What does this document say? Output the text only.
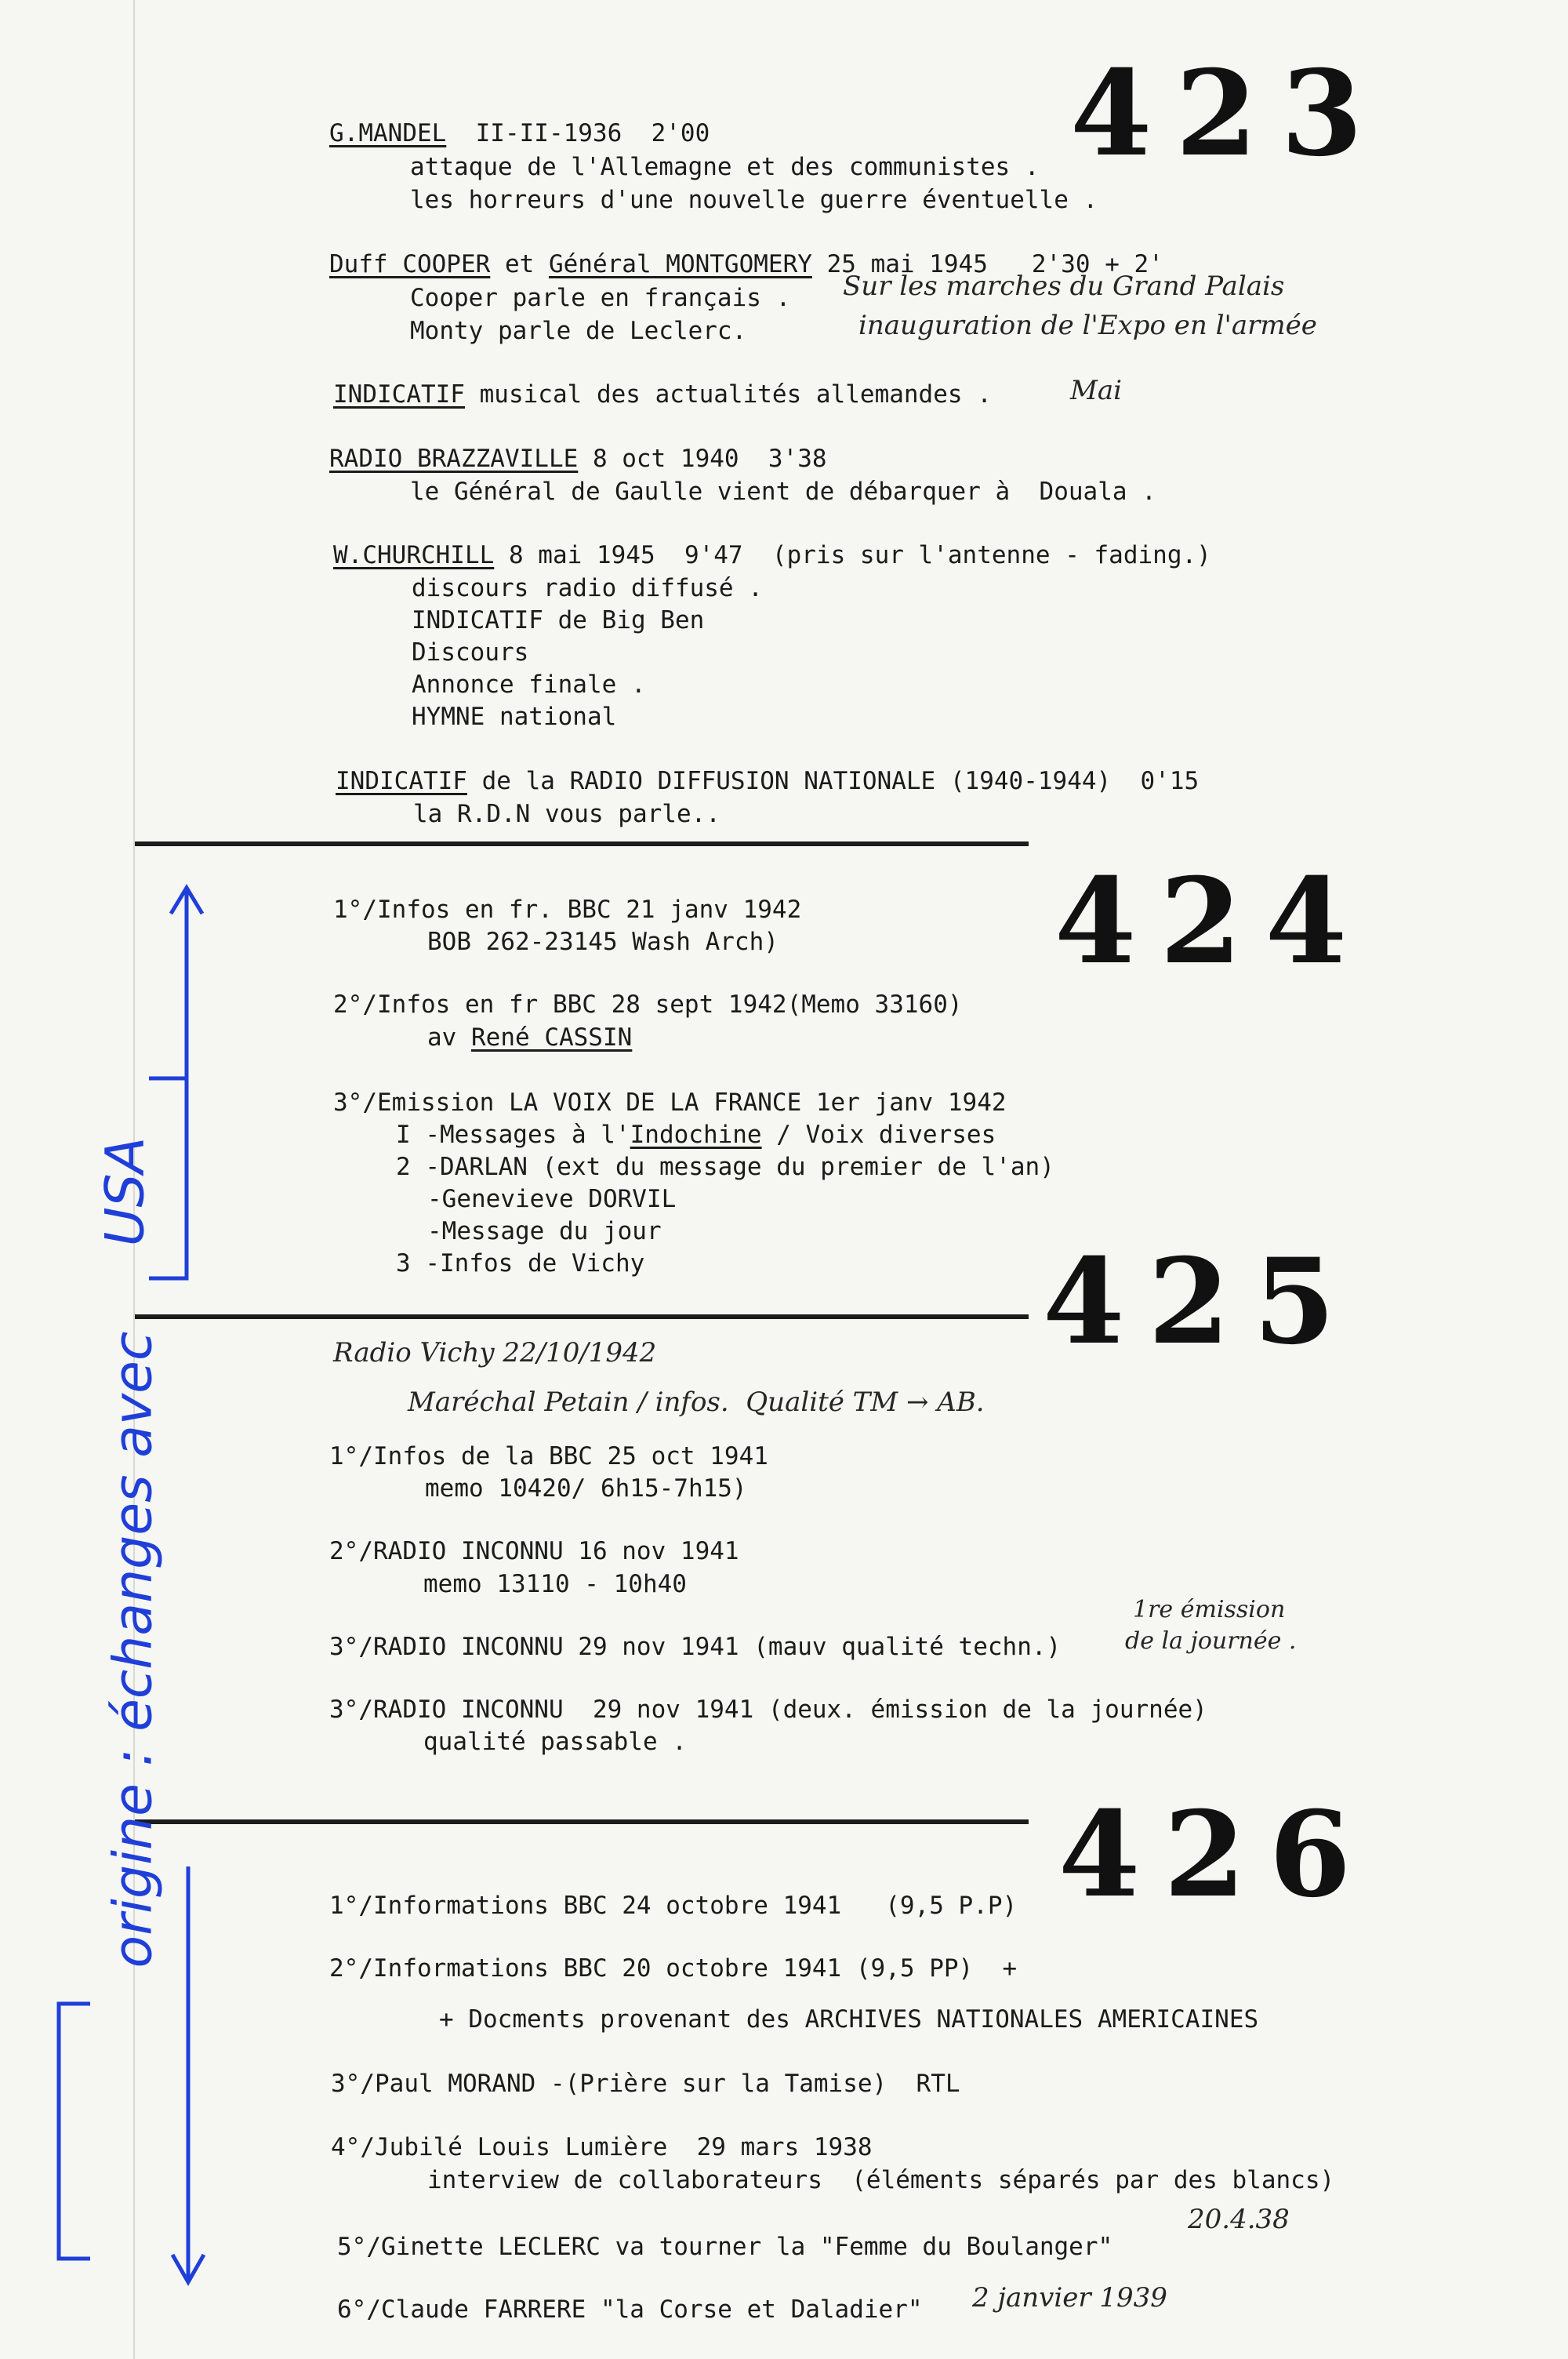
423
G.MANDEL  II-II-1936  2'00
attaque de l'Allemagne et des communistes .
les horreurs d'une nouvelle guerre éventuelle .
Duff COOPER et Général MONTGOMERY 25 mai 1945   2'30 + 2'
Cooper parle en français .
Monty parle de Leclerc.
Sur les marches du Grand Palais
inauguration de l'Expo en l'armée
INDICATIF musical des actualités allemandes .	Mai
RADIO BRAZZAVILLE 8 oct 1940  3'38
le Général de Gaulle vient de débarquer à  Douala .
W.CHURCHILL 8 mai 1945  9'47  (pris sur l'antenne - fading.)
discours radio diffusé .
INDICATIF de Big Ben
Discours
Annonce finale .
HYMNE national
INDICATIF de la RADIO DIFFUSION NATIONALE (1940-1944)  0'15
la R.D.N vous parle..
424
1°/Infos en fr. BBC 21 janv 1942
BOB 262-23145 Wash Arch)
2°/Infos en fr BBC 28 sept 1942(Memo 33160)
av René CASSIN
3°/Emission LA VOIX DE LA FRANCE 1er janv 1942
I -Messages à l'Indochine / Voix diverses
2 -DARLAN (ext du message du premier de l'an)
-Genevieve DORVIL
-Message du jour
3 -Infos de Vichy	425
Radio Vichy 22/10/1942
Maréchal Petain / infos.  Qualité TM → AB.
1°/Infos de la BBC 25 oct 1941
memo 10420/ 6h15-7h15)
2°/RADIO INCONNU 16 nov 1941
memo 13110 - 10h40
3°/RADIO INCONNU 29 nov 1941 (mauv qualité techn.)
1re émission
de la journée .
3°/RADIO INCONNU  29 nov 1941 (deux. émission de la journée)
qualité passable .
426
1°/Informations BBC 24 octobre 1941   (9,5 P.P)
2°/Informations BBC 20 octobre 1941 (9,5 PP)  +
+ Docments provenant des ARCHIVES NATIONALES AMERICAINES
3°/Paul MORAND -(Prière sur la Tamise)  RTL
4°/Jubilé Louis Lumière  29 mars 1938
interview de collaborateurs  (éléments séparés par des blancs)
5°/Ginette LECLERC va tourner la "Femme du Boulanger"
20.4.38
6°/Claude FARRERE "la Corse et Daladier" 2 janvier 1939
origine : échanges avec
USA
